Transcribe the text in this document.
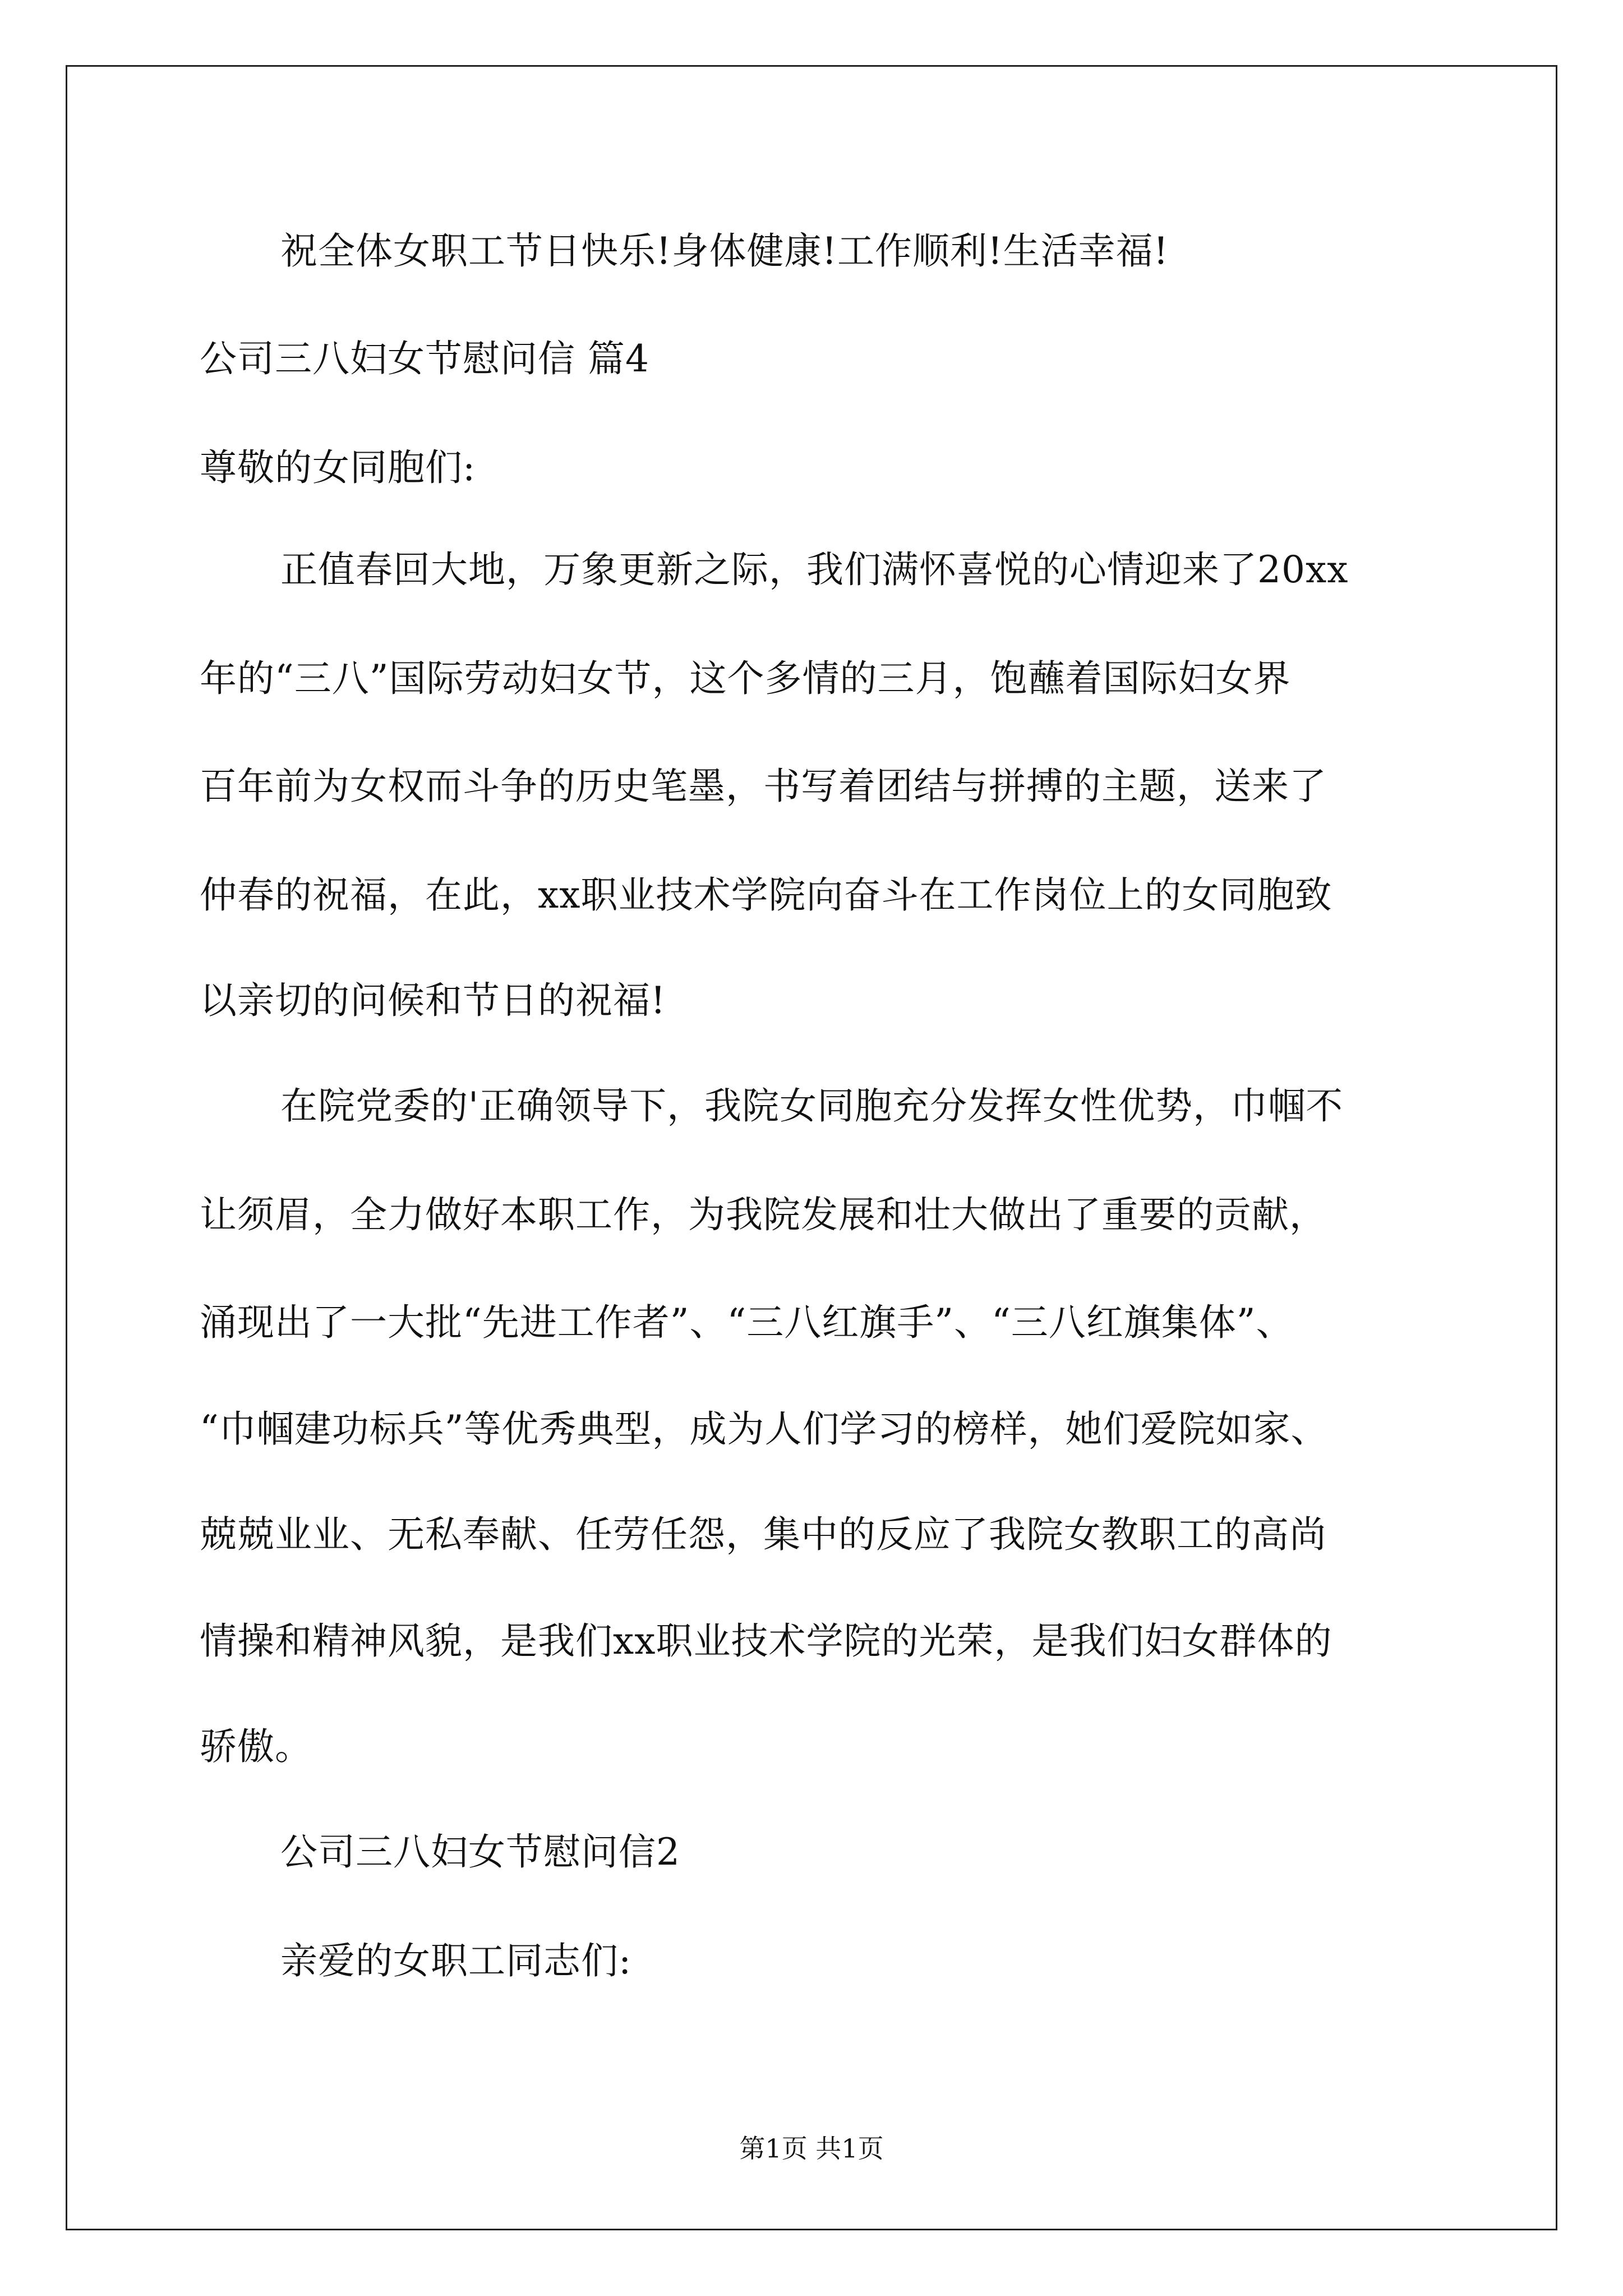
祝全体女职工节日快乐!身体健康!工作顺利!生活幸福!
公司三八妇女节慰问信 篇4
尊敬的女同胞们:
正值春回大地，万象更新之际，我们满怀喜悦的心情迎来了20xx
年的“三八”国际劳动妇女节，这个多情的三月，饱蘸着国际妇女界
百年前为女权而斗争的历史笔墨，书写着团结与拼搏的主题，送来了
仲春的祝福，在此，xx职业技术学院向奋斗在工作岗位上的女同胞致
以亲切的问候和节日的祝福!
在院党委的'正确领导下，我院女同胞充分发挥女性优势，巾帼不
让须眉，全力做好本职工作，为我院发展和壮大做出了重要的贡献，
涌现出了一大批“先进工作者”、“三八红旗手”、“三八红旗集体”、
“巾帼建功标兵”等优秀典型，成为人们学习的榜样，她们爱院如家、
兢兢业业、无私奉献、任劳任怨，集中的反应了我院女教职工的高尚
情操和精神风貌，是我们xx职业技术学院的光荣，是我们妇女群体的
骄傲。
公司三八妇女节慰问信2
亲爱的女职工同志们:
第1页 共1页
